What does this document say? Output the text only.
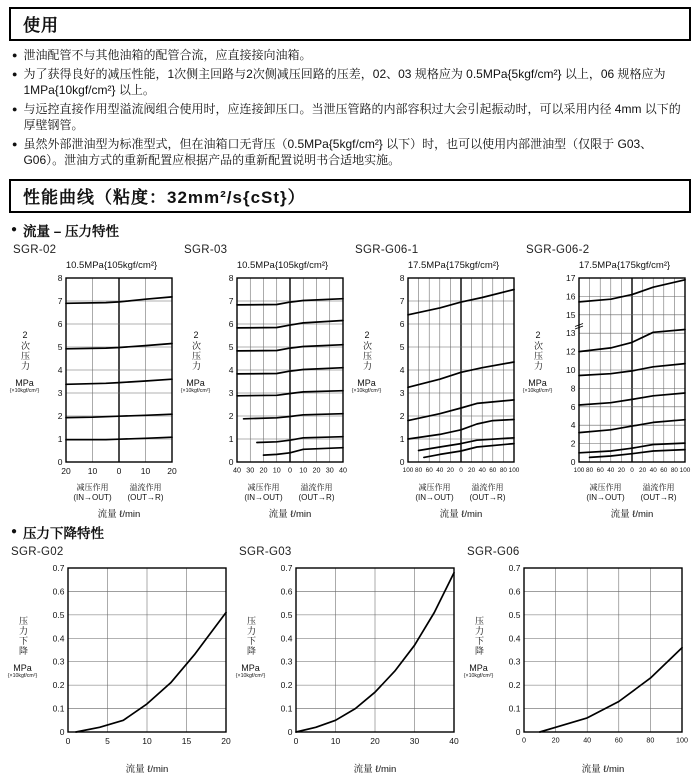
使用
● 泄油配管不与其他油箱的配管合流，应直接接向油箱。
● 为了获得良好的减压性能，1次侧主回路与2次侧减压回路的压差，02、03 规格应为 0.5MPa{5kgf/cm²} 以上，06 规格应为 1MPa{10kgf/cm²} 以上。
● 与远控直接作用型溢流阀组合使用时，应连接卸压口。当泄压管路的内部容积过大会引起振动时，可以采用内径 4mm 以下的厚壁钢管。
● 虽然外部泄油型为标准型式，但在油箱口无背压（0.5MPa{5kgf/cm²} 以下）时，也可以使用内部泄油型（仅限于 G03、G06）。泄油方式的重新配置应根据产品的重新配置说明书合适地实施。
性能曲线（粘度：32mm²/s{cSt}）
● 流量 – 压力特性
SGR-02
10.5MPa{105kgf/cm²}
2次压力
MPa
{×10kgf/cm²}
0
1
2
3
4
5
6
7
8
20 10 0 10 20
减压作用
(IN→OUT)
溢流作用
(OUT→R)
流量 ℓ/min
SGR-03
10.5MPa{105kgf/cm²}
2次压力
MPa
{×10kgf/cm²}
0
1
2
3
4
5
6
7
8
40 30 20 10 0 10 20 30 40
减压作用
(IN→OUT)
溢流作用
(OUT→R)
流量 ℓ/min
SGR-G06-1
17.5MPa{175kgf/cm²}
2次压力
MPa
{×10kgf/cm²}
0
1
2
3
4
5
6
7
8
100 80 60 40 20 0 20 40 60 80 100
减压作用
(IN→OUT)
溢流作用
(OUT→R)
流量 ℓ/min
SGR-G06-2
17.5MPa{175kgf/cm²}
2次压力
MPa
{×10kgf/cm²}
0
2
4
6
8
10
12
13
15
16
17
100 80 60 40 20 0 20 40 60 80 100
减压作用
(IN→OUT)
溢流作用
(OUT→R)
流量 ℓ/min
● 压力下降特性
SGR-G02
压力下降
MPa
{×10kgf/cm²}
0
0.1
0.2
0.3
0.4
0.5
0.6
0.7
0	5	10	15	20
流量 ℓ/min
SGR-G03
压力下降
MPa
{×10kgf/cm²}
0
0.1
0.2
0.3
0.4
0.5
0.6
0.7
0	10	20	30	40
流量 ℓ/min
SGR-G06
压力下降
MPa
{×10kgf/cm²}
0
0.1
0.2
0.3
0.4
0.5
0.6
0.7
0	20	40	60	80	100
流量 ℓ/min
